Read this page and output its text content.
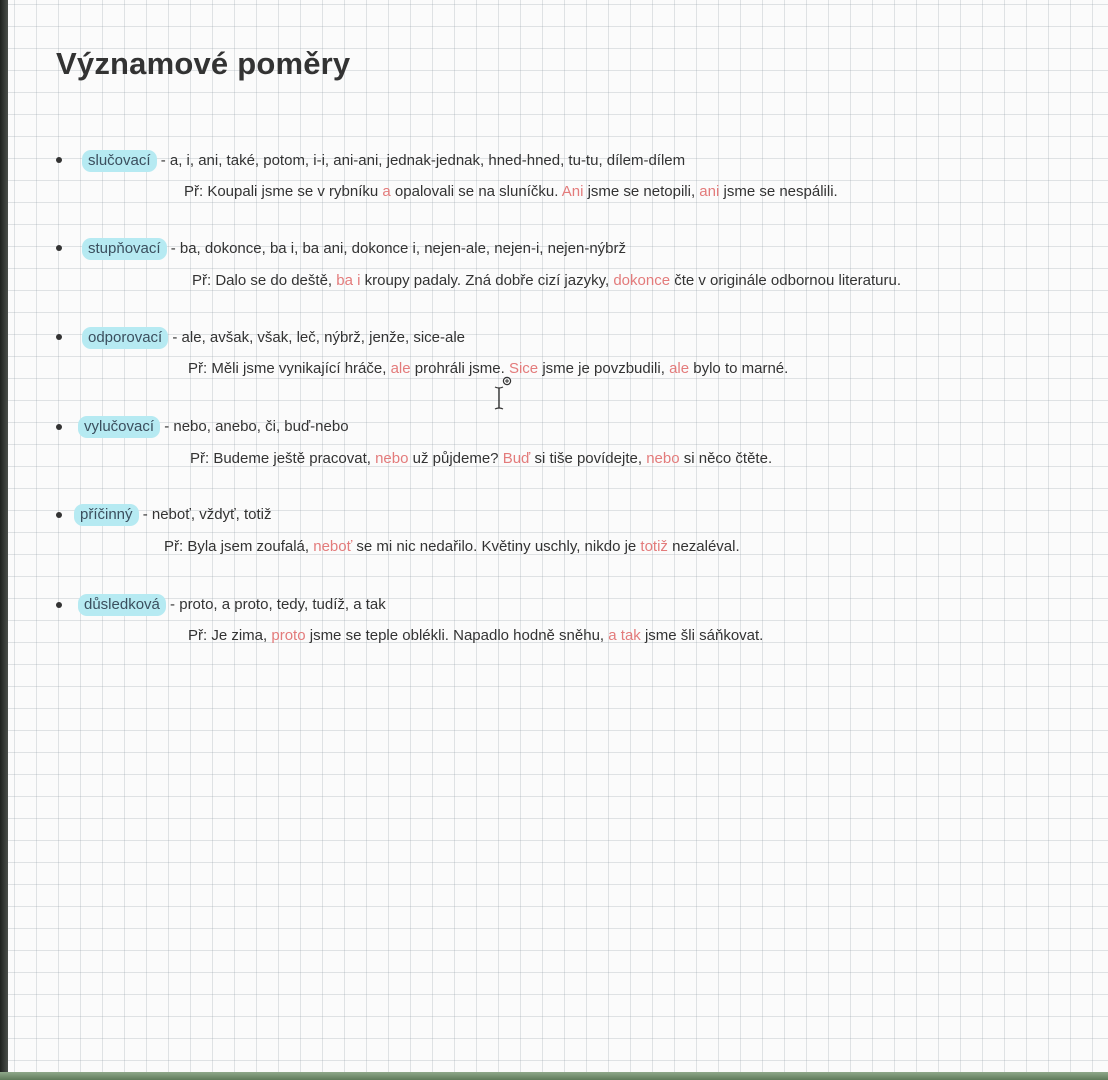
Významové poměry
slučovací - a, i, ani, také, potom, i-i, ani-ani, jednak-jednak, hned-hned, tu-tu, dílem-dílem
Př: Koupali jsme se v rybníku a opalovali se na sluníčku. Ani jsme se netopili, ani jsme se nespálili.
stupňovací - ba, dokonce, ba i, ba ani, dokonce i, nejen-ale, nejen-i, nejen-nýbrž
Př: Dalo se do deště, ba i kroupy padaly. Zná dobře cizí jazyky, dokonce čte v originále odbornou literaturu.
odporovací - ale, avšak, však, leč, nýbrž, jenže, sice-ale
Př: Měli jsme vynikající hráče, ale prohráli jsme. Sice jsme je povzbudili, ale bylo to marné.
vylučovací - nebo, anebo, či, buď-nebo
Př: Budeme ještě pracovat, nebo už půjdeme? Buď si tiše povídejte, nebo si něco čtěte.
příčinný - neboť, vždyť, totiž
Př: Byla jsem zoufalá, neboť se mi nic nedařilo. Květiny uschly, nikdo je totiž nezaléval.
důsledková - proto, a proto, tedy, tudíž, a tak
Př: Je zima, proto jsme se teple oblékli. Napadlo hodně sněhu, a tak jsme šli sáňkovat.
